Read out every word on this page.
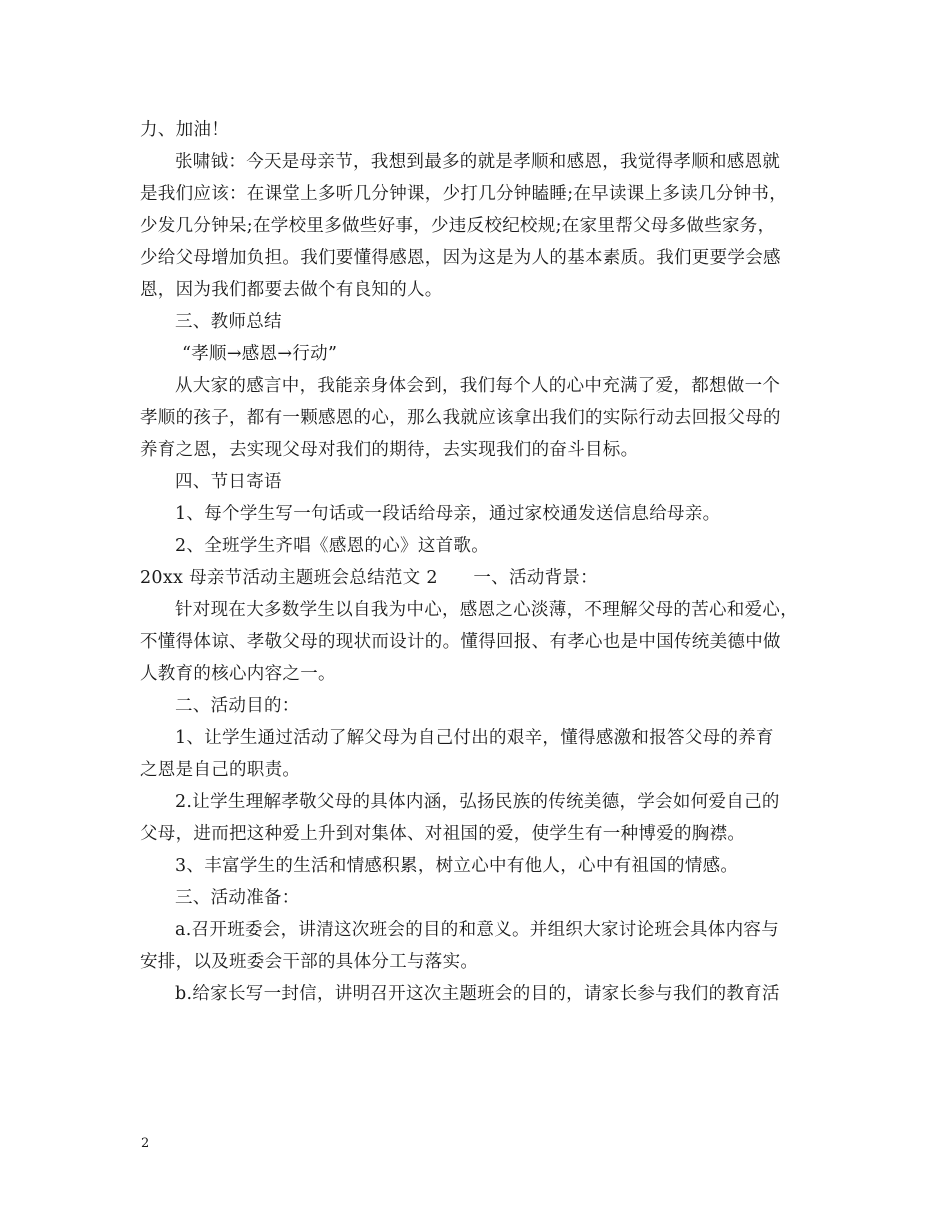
力、加油！
张啸钺：今天是母亲节，我想到最多的就是孝顺和感恩，我觉得孝顺和感恩就
是我们应该：在课堂上多听几分钟课，少打几分钟瞌睡;在早读课上多读几分钟书，
少发几分钟呆;在学校里多做些好事，少违反校纪校规;在家里帮父母多做些家务，
少给父母增加负担。我们要懂得感恩，因为这是为人的基本素质。我们更要学会感
恩，因为我们都要去做个有良知的人。
三、教师总结
“孝顺→感恩→行动”
从大家的感言中，我能亲身体会到，我们每个人的心中充满了爱，都想做一个
孝顺的孩子，都有一颗感恩的心，那么我就应该拿出我们的实际行动去回报父母的
养育之恩，去实现父母对我们的期待，去实现我们的奋斗目标。
四、节日寄语
1、每个学生写一句话或一段话给母亲，通过家校通发送信息给母亲。
2、全班学生齐唱《感恩的心》这首歌。
20xx 母亲节活动主题班会总结范文 2　　一、活动背景：
针对现在大多数学生以自我为中心，感恩之心淡薄，不理解父母的苦心和爱心，
不懂得体谅、孝敬父母的现状而设计的。懂得回报、有孝心也是中国传统美德中做
人教育的核心内容之一。
二、活动目的：
1、让学生通过活动了解父母为自己付出的艰辛，懂得感激和报答父母的养育
之恩是自己的职责。
2.让学生理解孝敬父母的具体内涵，弘扬民族的传统美德，学会如何爱自己的
父母，进而把这种爱上升到对集体、对祖国的爱，使学生有一种博爱的胸襟。
3、丰富学生的生活和情感积累，树立心中有他人，心中有祖国的情感。
三、活动准备：
a.召开班委会，讲清这次班会的目的和意义。并组织大家讨论班会具体内容与
安排，以及班委会干部的具体分工与落实。
b.给家长写一封信，讲明召开这次主题班会的目的，请家长参与我们的教育活
2
